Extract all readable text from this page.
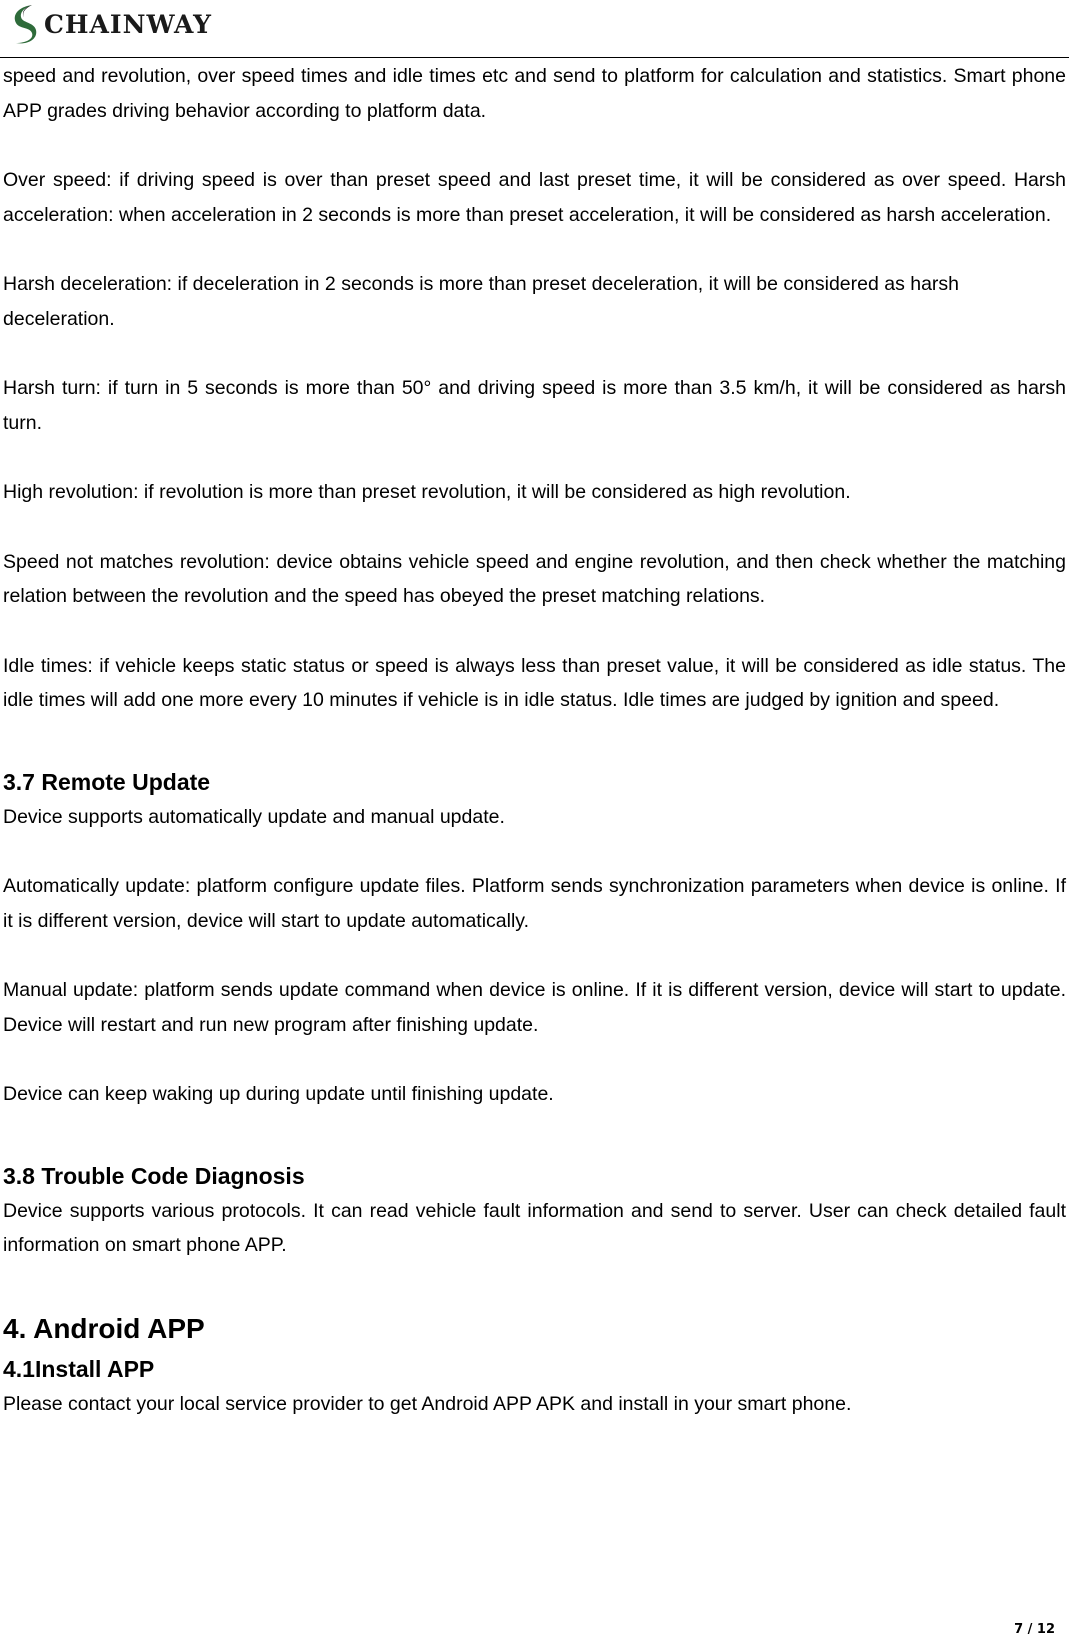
CHAINWAY

speed and revolution, over speed times and idle times etc and send to platform for calculation and statistics. Smart phone APP grades driving behavior according to platform data.

Over speed: if driving speed is over than preset speed and last preset time, it will be considered as over speed. Harsh acceleration: when acceleration in 2 seconds is more than preset acceleration, it will be considered as harsh acceleration.

Harsh deceleration: if deceleration in 2 seconds is more than preset deceleration, it will be considered as harsh deceleration.

Harsh turn: if turn in 5 seconds is more than 50° and driving speed is more than 3.5 km/h, it will be considered as harsh turn.

High revolution: if revolution is more than preset revolution, it will be considered as high revolution.

Speed not matches revolution: device obtains vehicle speed and engine revolution, and then check whether the matching relation between the revolution and the speed has obeyed the preset matching relations.

Idle times: if vehicle keeps static status or speed is always less than preset value, it will be considered as idle status. The idle times will add one more every 10 minutes if vehicle is in idle status. Idle times are judged by ignition and speed.

3.7 Remote Update

Device supports automatically update and manual update.

Automatically update: platform configure update files. Platform sends synchronization parameters when device is online. If it is different version, device will start to update automatically.

Manual update: platform sends update command when device is online. If it is different version, device will start to update. Device will restart and run new program after finishing update.

Device can keep waking up during update until finishing update.

3.8 Trouble Code Diagnosis

Device supports various protocols. It can read vehicle fault information and send to server. User can check detailed fault information on smart phone APP.

4. Android APP
4.1Install APP

Please contact your local service provider to get Android APP APK and install in your smart phone.

7 / 12
